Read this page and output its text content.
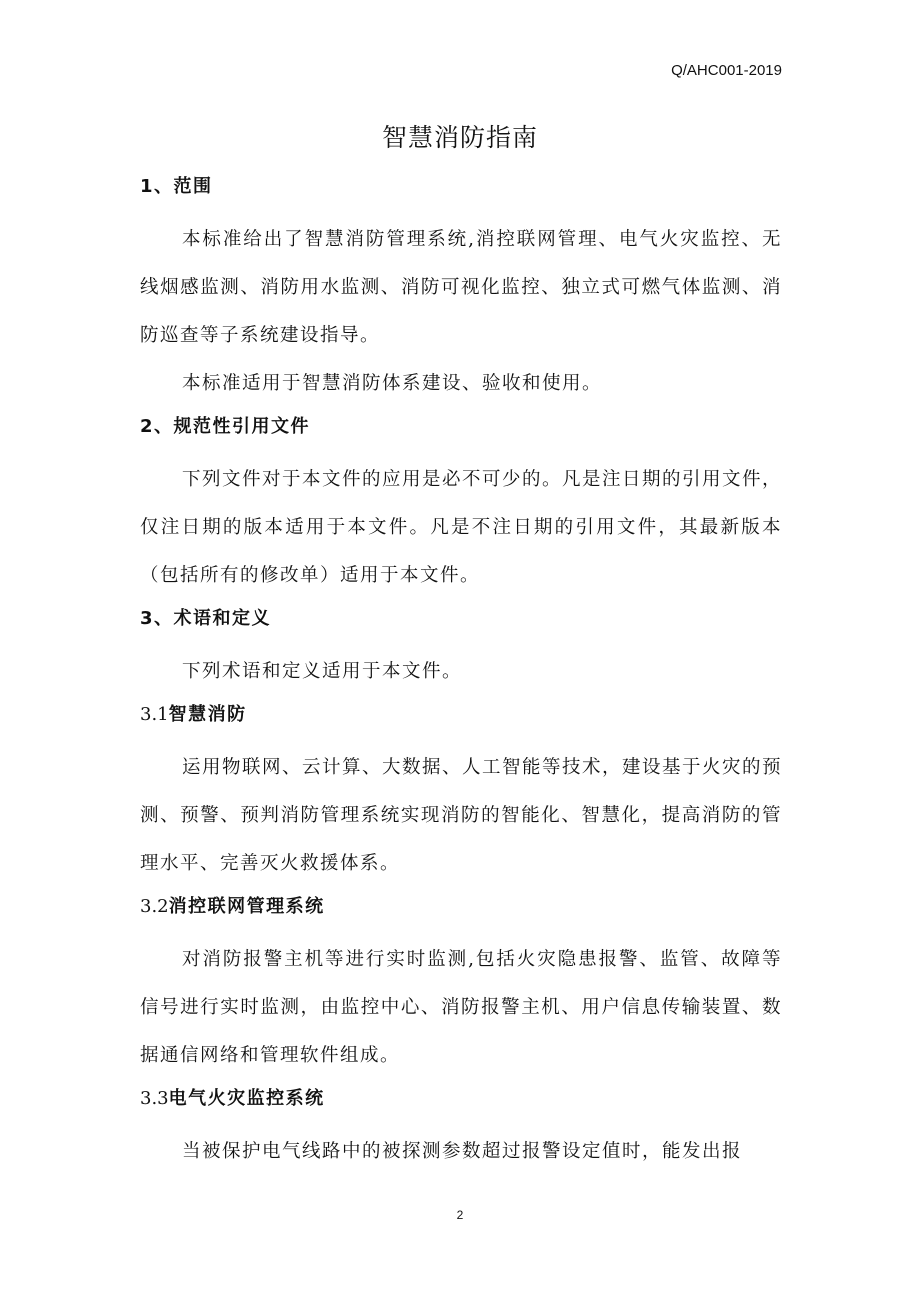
Q/AHC001-2019
智慧消防指南
1、范围

本标准给出了智慧消防管理系统,消控联网管理、电气火灾监控、无线烟感监测、消防用水监测、消防可视化监控、独立式可燃气体监测、消防巡查等子系统建设指导。

本标准适用于智慧消防体系建设、验收和使用。

2、规范性引用文件

下列文件对于本文件的应用是必不可少的。凡是注日期的引用文件，仅注日期的版本适用于本文件。凡是不注日期的引用文件，其最新版本（包括所有的修改单）适用于本文件。

3、术语和定义

下列术语和定义适用于本文件。

3.1智慧消防

运用物联网、云计算、大数据、人工智能等技术，建设基于火灾的预测、预警、预判消防管理系统实现消防的智能化、智慧化，提高消防的管理水平、完善灭火救援体系。

3.2消控联网管理系统

对消防报警主机等进行实时监测,包括火灾隐患报警、监管、故障等信号进行实时监测，由监控中心、消防报警主机、用户信息传输装置、数据通信网络和管理软件组成。

3.3电气火灾监控系统

当被保护电气线路中的被探测参数超过报警设定值时，能发出报

2
